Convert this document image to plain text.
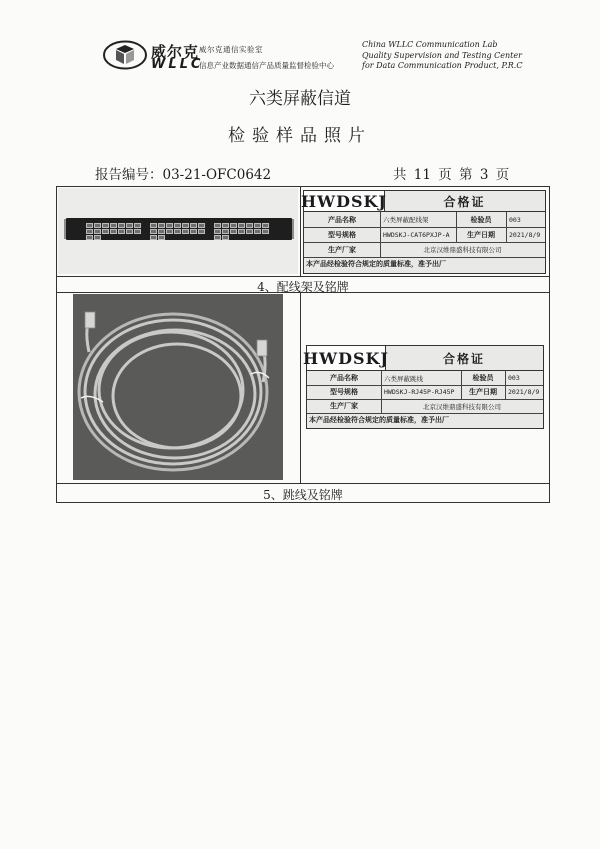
威尔克
WLLC
威尔克通信实验室
信息产业数据通信产品质量监督检验中心
China WLLC Communication Lab
Quality Supervision and Testing Center
for Data Communication Product, P.R.C
六类屏蔽信道
检验样品照片
报告编号：03-21-OFC0642	共 11 页 第 3 页
4、配线架及铭牌
5、跳线及铭牌
HWDSKJ	合格证
产品名称	六类屏蔽配线架	检验员	003
型号规格	HWDSKJ-CAT6PXJP-A	生产日期	2021/8/9
生产厂家	北京汉维鼎盛科技有限公司
本产品经检验符合规定的质量标准，准予出厂
HWDSKJ	合格证
产品名称	六类屏蔽跳线	检验员	003
型号规格	HWDSKJ-RJ45P-RJ45P	生产日期	2021/8/9
生产厂家	北京汉维鼎盛科技有限公司
本产品经检验符合规定的质量标准，准予出厂
